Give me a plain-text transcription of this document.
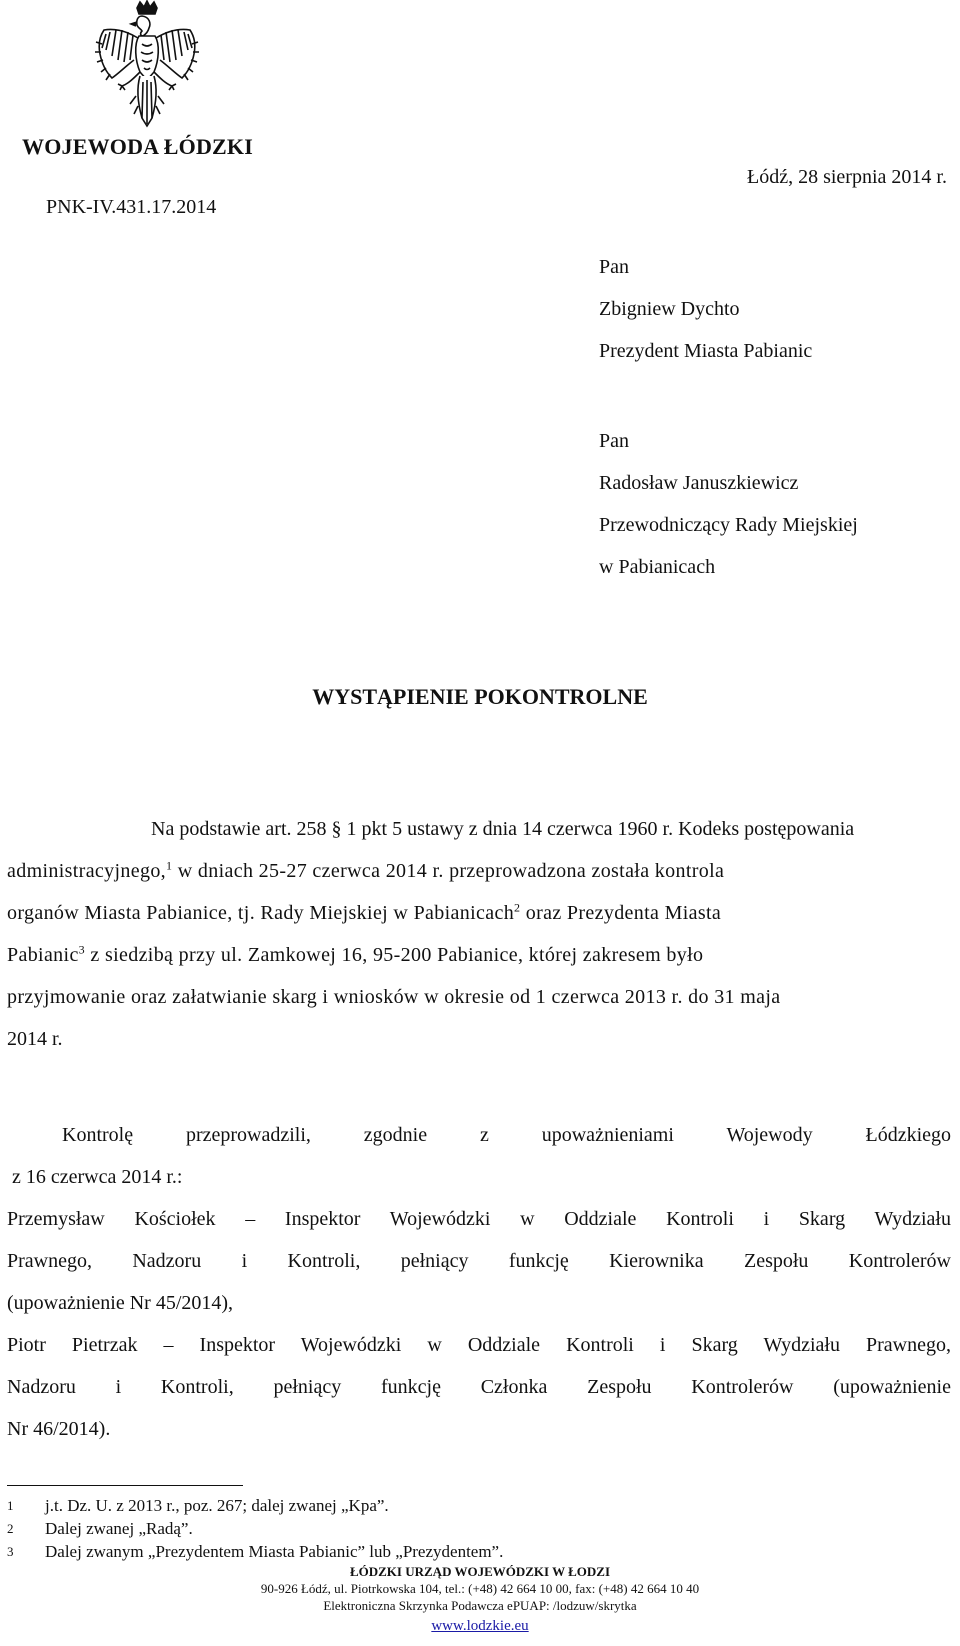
WOJEWODA ŁÓDZKI
PNK-IV.431.17.2014
Łódź, 28 sierpnia 2014 r.
Pan
Zbigniew Dychto
Prezydent Miasta Pabianic
Pan
Radosław Januszkiewicz
Przewodniczący Rady Miejskiej
w Pabianicach
WYSTĄPIENIE POKONTROLNE
Na podstawie art. 258 § 1 pkt 5 ustawy z dnia 14 czerwca 1960 r. Kodeks postępowania
administracyjnego,$^1$ w dniach 25-27 czerwca 2014 r. przeprowadzona została kontrola
organów Miasta Pabianice, tj. Rady Miejskiej w Pabianicach$^2$ oraz Prezydenta Miasta
Pabianic$^3$ z siedzibą przy ul. Zamkowej 16, 95-200 Pabianice, której zakresem było
przyjmowanie oraz załatwianie skarg i wniosków w okresie od 1 czerwca 2013 r. do 31 maja
2014 r.
Kontrolę przeprowadzili, zgodnie z upoważnieniami Wojewody Łódzkiego
z 16 czerwca 2014 r.:
Przemysław Kościołek – Inspektor Wojewódzki w Oddziale Kontroli i Skarg Wydziału
Prawnego, Nadzoru i Kontroli, pełniący funkcję Kierownika Zespołu Kontrolerów
(upoważnienie Nr 45/2014),
Piotr Pietrzak – Inspektor Wojewódzki w Oddziale Kontroli i Skarg Wydziału Prawnego,
Nadzoru i Kontroli, pełniący funkcję Członka Zespołu Kontrolerów (upoważnienie
Nr 46/2014).
1 j.t. Dz. U. z 2013 r., poz. 267; dalej zwanej „Kpa”.
2 Dalej zwanej „Radą”.
3 Dalej zwanym „Prezydentem Miasta Pabianic” lub „Prezydentem”.
ŁÓDZKI URZĄD WOJEWÓDZKI W ŁODZI
90-926 Łódź, ul. Piotrkowska 104, tel.: (+48) 42 664 10 00, fax: (+48) 42 664 10 40
Elektroniczna Skrzynka Podawcza ePUAP: /lodzuw/skrytka
www.lodzkie.eu
